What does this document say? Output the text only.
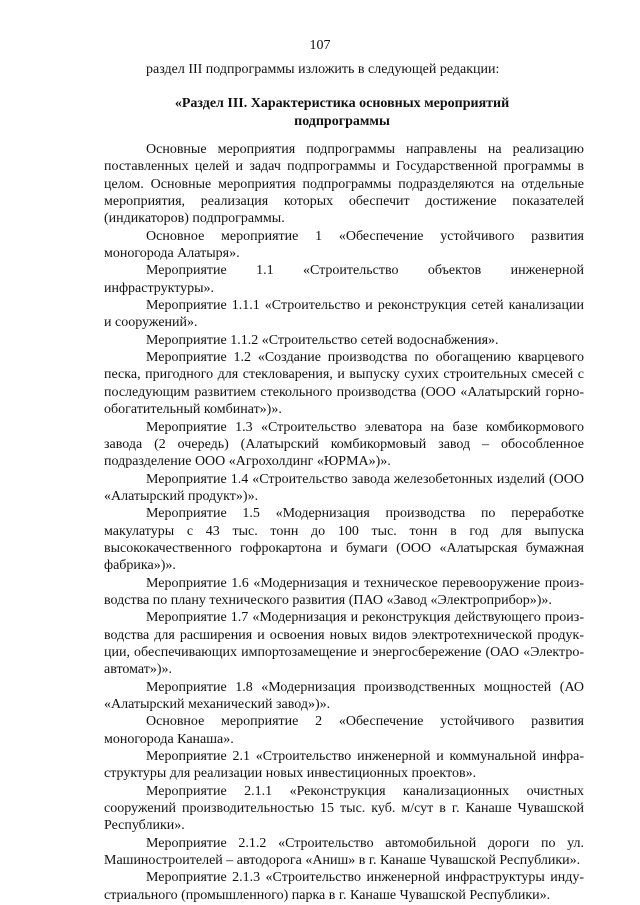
107

раздел III подпрограммы изложить в следующей редакции:

«Раздел III. Характеристика основных мероприятий
подпрограммы

Основные мероприятия подпрограммы направлены на реализацию поставленных целей и задач подпрограммы и Государственной программы в целом. Основные мероприятия подпрограммы подразделяются на отдельные мероприятия, реализация которых обеспечит достижение показателей (индикаторов) подпрограммы.

Основное мероприятие 1 «Обеспечение устойчивого развития моногорода Алатыря».

Мероприятие 1.1 «Строительство объектов инженерной инфраструктуры».

Мероприятие 1.1.1 «Строительство и реконструкция сетей канализации и сооружений».

Мероприятие 1.1.2 «Строительство сетей водоснабжения».

Мероприятие 1.2 «Создание производства по обогащению кварцевого песка, пригодного для стекловарения, и выпуску сухих строительных смесей с последующим развитием стекольного производства (ООО «Алатырский горно-обогатительный комбинат»)».

Мероприятие 1.3 «Строительство элеватора на базе комбикормового завода (2 очередь) (Алатырский комбикормовый завод – обособленное подразделение ООО «Агрохолдинг «ЮРМА»)».

Мероприятие 1.4 «Строительство завода железобетонных изделий (ООО «Алатырский продукт»)».

Мероприятие 1.5 «Модернизация производства по переработке макулатуры с 43 тыс. тонн до 100 тыс. тонн в год для выпуска высококачественного гофрокартона и бумаги (ООО «Алатырская бумажная фабрика»)».

Мероприятие 1.6 «Модернизация и техническое перевооружение производства по плану технического развития (ПАО «Завод «Электроприбор»)».

Мероприятие 1.7 «Модернизация и реконструкция действующего производства для расширения и освоения новых видов электротехнической продукции, обеспечивающих импортозамещение и энергосбережение (ОАО «Электроавтомат»)».

Мероприятие 1.8 «Модернизация производственных мощностей (АО «Алатырский механический завод»)».

Основное мероприятие 2 «Обеспечение устойчивого развития моногорода Канаша».

Мероприятие 2.1 «Строительство инженерной и коммунальной инфраструктуры для реализации новых инвестиционных проектов».

Мероприятие 2.1.1 «Реконструкция канализационных очистных сооружений производительностью 15 тыс. куб. м/сут в г. Канаше Чувашской Республики».

Мероприятие 2.1.2 «Строительство автомобильной дороги по ул. Машиностроителей – автодорога «Аниш» в г. Канаше Чувашской Республики».

Мероприятие 2.1.3 «Строительство инженерной инфраструктуры индустриального (промышленного) парка в г. Канаше Чувашской Республики».
